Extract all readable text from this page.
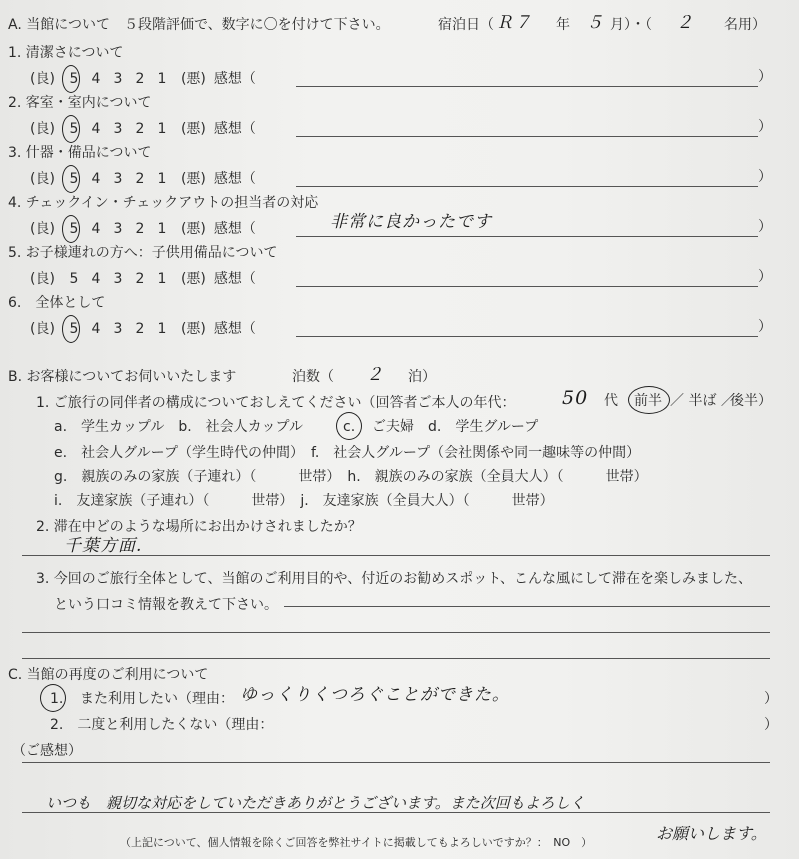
A. 当館について　５段階評価で、数字に〇を付けて下さい。	宿泊日（ Ｒ７ 年 ５ 月）・（ ２ 名用）
1. 清潔さについて
(良) 5 4 3 2 1 (悪) 感想（	）
2. 客室・室内について
(良) 5 4 3 2 1 (悪) 感想（	）
3. 什器・備品について
(良) 5 4 3 2 1 (悪) 感想（	）
4. チェックイン・チェックアウトの担当者の対応
(良) 5 4 3 2 1 (悪) 感想（	）
非常に良かったです
5. お子様連れの方へ：子供用備品について
(良) 5 4 3 2 1 (悪) 感想（	）
6.　全体として
(良) 5 4 3 2 1 (悪) 感想（	）
B. お客様についてお伺いいたします	泊数（ ２ 泊）
1. ご旅行の同伴者の構成についておしえてください（回答者ご本人の年代： 50 代 前半 ／ 半ば ／
後半）
a.　学生カップル　b.　社会人カップル	c. ご夫婦　d.　学生グループ
e.　社会人グループ（学生時代の仲間）　f.　社会人グループ（会社関係や同一趣味等の仲間）
g.　親族のみの家族（子連れ）（　　　世帯）　h.　親族のみの家族（全員大人）（　　　世帯）
i.　友達家族（子連れ）（　　　世帯）　j.　友達家族（全員大人）（　　　世帯）
2. 滞在中どのような場所にお出かけされましたか？
千葉方面.
3. 今回のご旅行全体として、当館のご利用目的や、付近のお勧めスポット、こんな風にして滞在を楽しみました、
という口コミ情報を教えて下さい。
C. 当館の再度のご利用について
1. また利用したい（理由： ゆっくりくつろぐことができた。	）
2.　二度と利用したくない（理由：	）
（ご感想）
いつも　親切な対応をしていただきありがとうございます。また次回もよろしく
（上記について、個人情報を除くご回答を弊社サイトに掲載してもよろしいですか？：　NO　）	お願いします。
